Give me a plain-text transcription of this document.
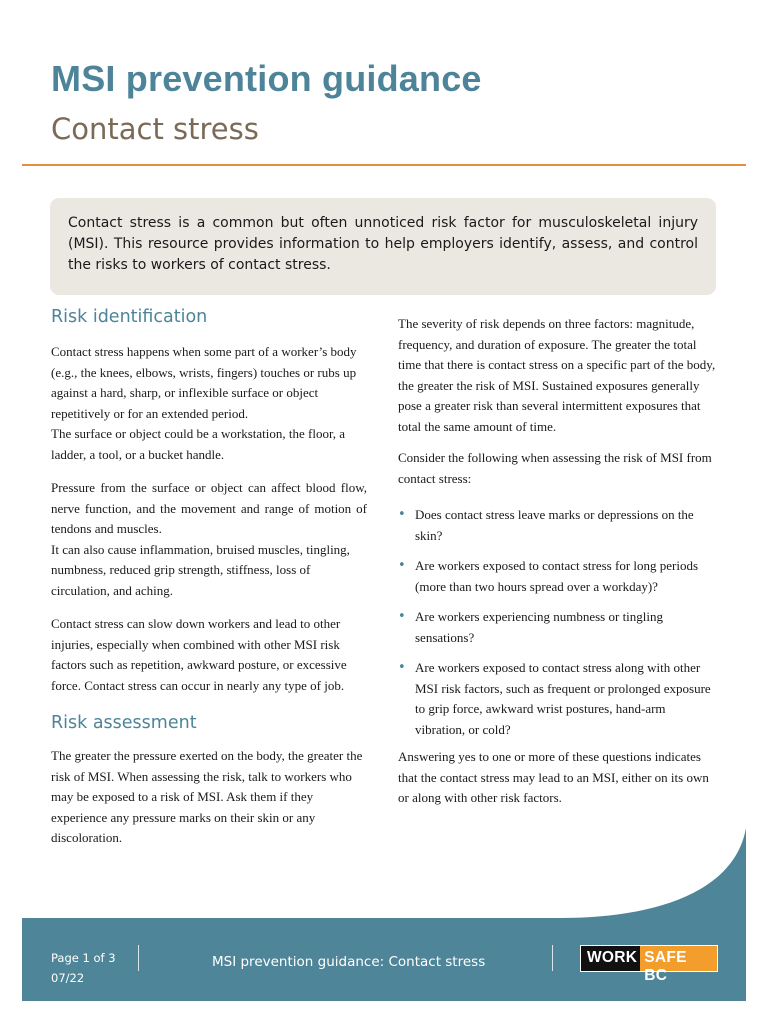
MSI prevention guidance
Contact stress
Contact stress is a common but often unnoticed risk factor for musculoskeletal injury (MSI). This resource provides information to help employers identify, assess, and control the risks to workers of contact stress.
Risk identification

Contact stress happens when some part of a worker’s body (e.g., the knees, elbows, wrists, fingers) touches or rubs up against a hard, sharp, or inflexible surface or object repetitively or for an extended period.

The surface or object could be a workstation, the floor, a ladder, a tool, or a bucket handle.

Pressure from the surface or object can affect blood flow, nerve function, and the movement and range of motion of tendons and muscles.

It can also cause inflammation, bruised muscles, tingling, numbness, reduced grip strength, stiffness, loss of circulation, and aching.

Contact stress can slow down workers and lead to other injuries, especially when combined with other MSI risk factors such as repetition, awkward posture, or excessive force. Contact stress can occur in nearly any type of job.

Risk assessment

The greater the pressure exerted on the body, the greater the risk of MSI. When assessing the risk, talk to workers who may be exposed to a risk of MSI. Ask them if they experience any pressure marks on their skin or any discoloration.

The severity of risk depends on three factors: magnitude, frequency, and duration of exposure. The greater the total time that there is contact stress on a specific part of the body, the greater the risk of MSI. Sustained exposures generally pose a greater risk than several intermittent exposures that total the same amount of time.

Consider the following when assessing the risk of MSI from contact stress:

• Does contact stress leave marks or depressions on the skin?
• Are workers exposed to contact stress for long periods (more than two hours spread over a workday)?
• Are workers experiencing numbness or tingling sensations?
• Are workers exposed to contact stress along with other MSI risk factors, such as frequent or prolonged exposure to grip force, awkward wrist postures, hand-arm vibration, or cold?

Answering yes to one or more of these questions indicates that the contact stress may lead to an MSI, either on its own or along with other risk factors.

Page 1 of 3
07/22
MSI prevention guidance: Contact stress	WORK SAFE BC
